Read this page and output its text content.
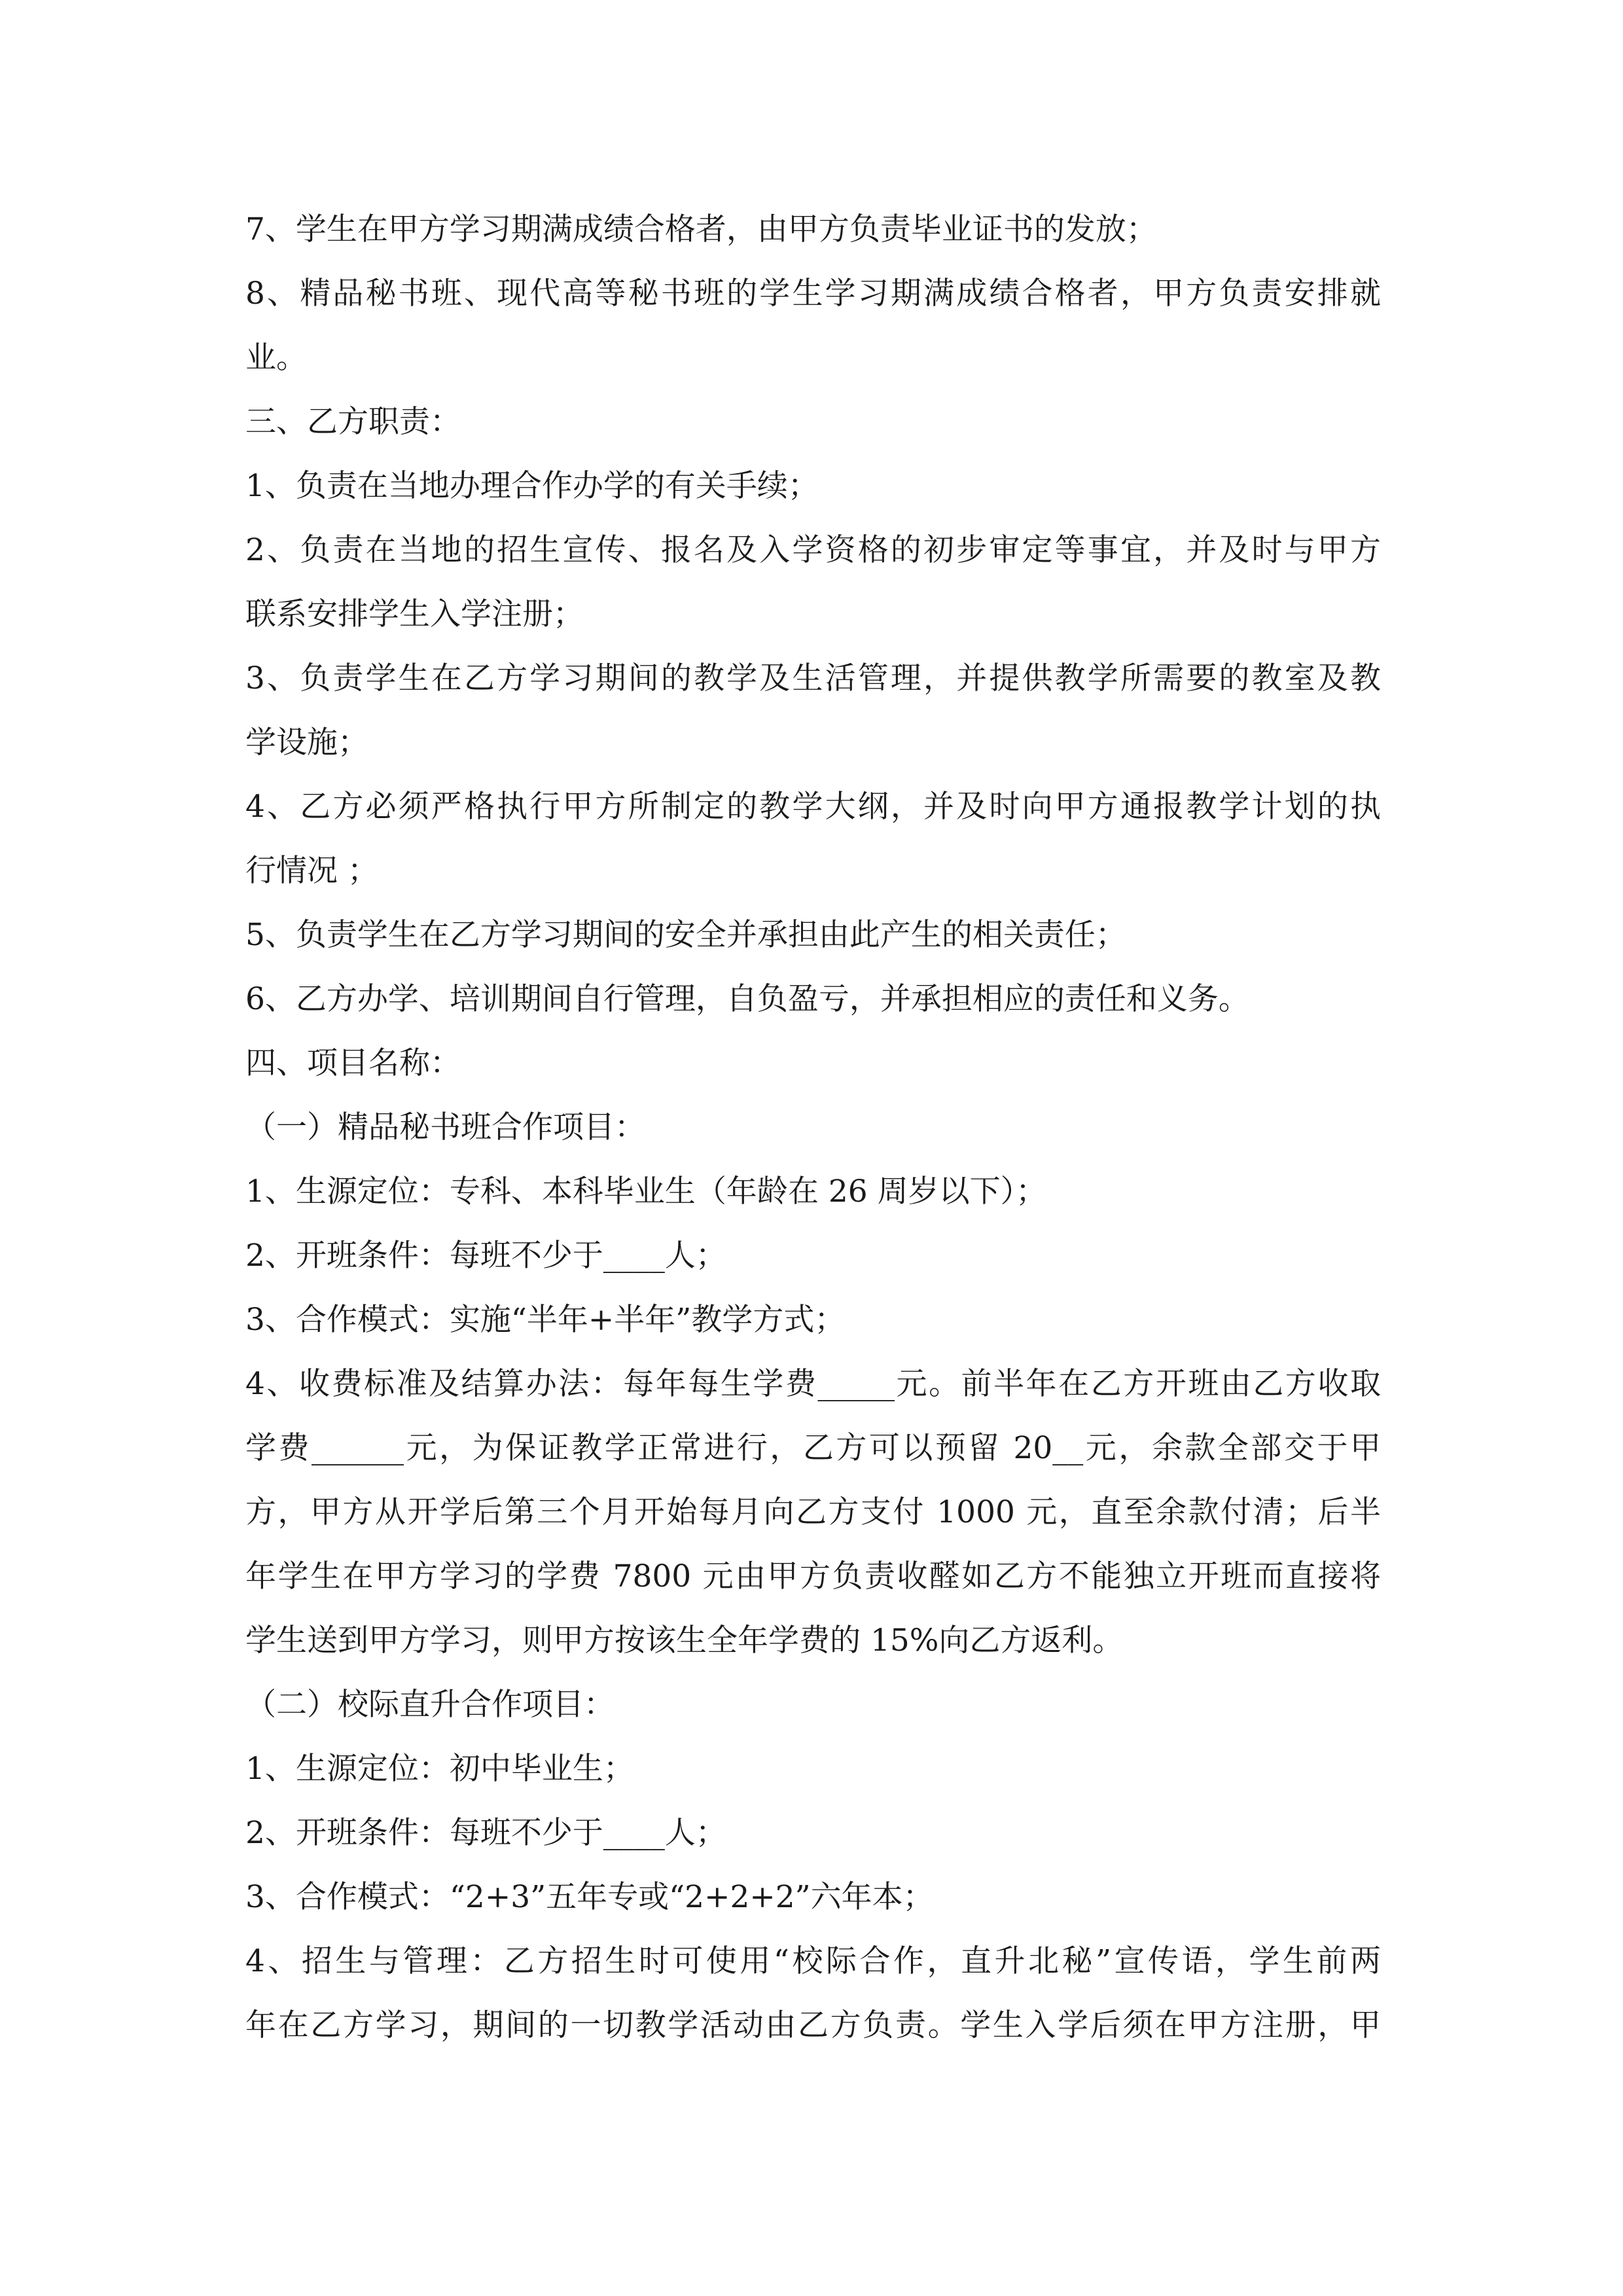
7、学生在甲方学习期满成绩合格者，由甲方负责毕业证书的发放；
8、精品秘书班、现代高等秘书班的学生学习期满成绩合格者，甲方负责安排就
业。
三、乙方职责：
1、负责在当地办理合作办学的有关手续；
2、负责在当地的招生宣传、报名及入学资格的初步审定等事宜，并及时与甲方
联系安排学生入学注册；
3、负责学生在乙方学习期间的教学及生活管理，并提供教学所需要的教室及教
学设施；
4、乙方必须严格执行甲方所制定的教学大纲，并及时向甲方通报教学计划的执
行情况 ；
5、负责学生在乙方学习期间的安全并承担由此产生的相关责任；
6、乙方办学、培训期间自行管理，自负盈亏，并承担相应的责任和义务。
四、项目名称：
（一）精品秘书班合作项目：
1、生源定位：专科、本科毕业生（年龄在 26 周岁以下）；
2、开班条件：每班不少于____人；
3、合作模式：实施“半年+半年”教学方式；
4、收费标准及结算办法：每年每生学费_____元。前半年在乙方开班由乙方收取
学费______元，为保证教学正常进行，乙方可以预留 20__元，余款全部交于甲
方，甲方从开学后第三个月开始每月向乙方支付 1000 元，直至余款付清；后半
年学生在甲方学习的学费 7800 元由甲方负责收醛如乙方不能独立开班而直接将
学生送到甲方学习，则甲方按该生全年学费的 15%向乙方返利。
（二）校际直升合作项目：
1、生源定位：初中毕业生；
2、开班条件：每班不少于____人；
3、合作模式：“2+3”五年专或“2+2+2”六年本；
4、招生与管理：乙方招生时可使用“校际合作，直升北秘”宣传语，学生前两
年在乙方学习，期间的一切教学活动由乙方负责。学生入学后须在甲方注册，甲
